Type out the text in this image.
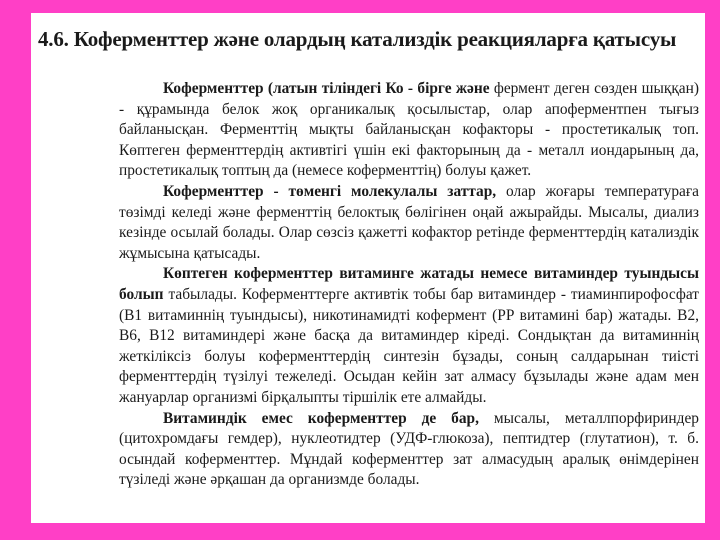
4.6. Коферменттер және олардың катализдік реакцияларға қатысуы

Коферменттер (латын тіліндегі Ко - бірге және фермент деген сөзден шыққан) - құрамында белок жоқ органикалық қосылыстар, олар апоферментпен тығыз байланысқан. Ферменттің мықты байланысқан кофакторы - простетикалық топ. Көптеген ферменттердің активтігі үшін екі факторының да - металл иондарының да, простетикалық топтың да (немесе коферменттің) болуы қажет.

Коферменттер - төменгі молекулалы заттар, олар жоғары температураға төзімді келеді және ферменттің белоктық бөлігінен оңай ажырайды. Мысалы, диализ кезінде осылай болады. Олар сөзсіз қажетті кофактор ретінде ферменттердің катализдік жұмысына қатысады.

Көптеген коферменттер витаминге жатады немесе витаминдер туындысы болып табылады. Коферменттерге активтік тобы бар витаминдер - тиаминпирофосфат (B1 витаминнің туындысы), никотинамидті кофермент (PP витамині бар) жатады. B2, B6, B12 витаминдері және басқа да витаминдер кіреді. Сондықтан да витаминнің жеткіліксіз болуы коферменттердің синтезін бұзады, соның салдарынан тиісті ферменттердің түзілуі тежеледі. Осыдан кейін зат алмасу бұзылады және адам мен жануарлар организмі бірқалыпты тіршілік ете алмайды.

Витаминдік емес коферменттер де бар, мысалы, металлпорфириндер (цитохромдағы гемдер), нуклеотидтер (УДФ-глюкоза), пептидтер (глутатион), т. б. осындай коферменттер. Мұндай коферменттер зат алмасудың аралық өнімдерінен түзіледі және әрқашан да организмде болады.
